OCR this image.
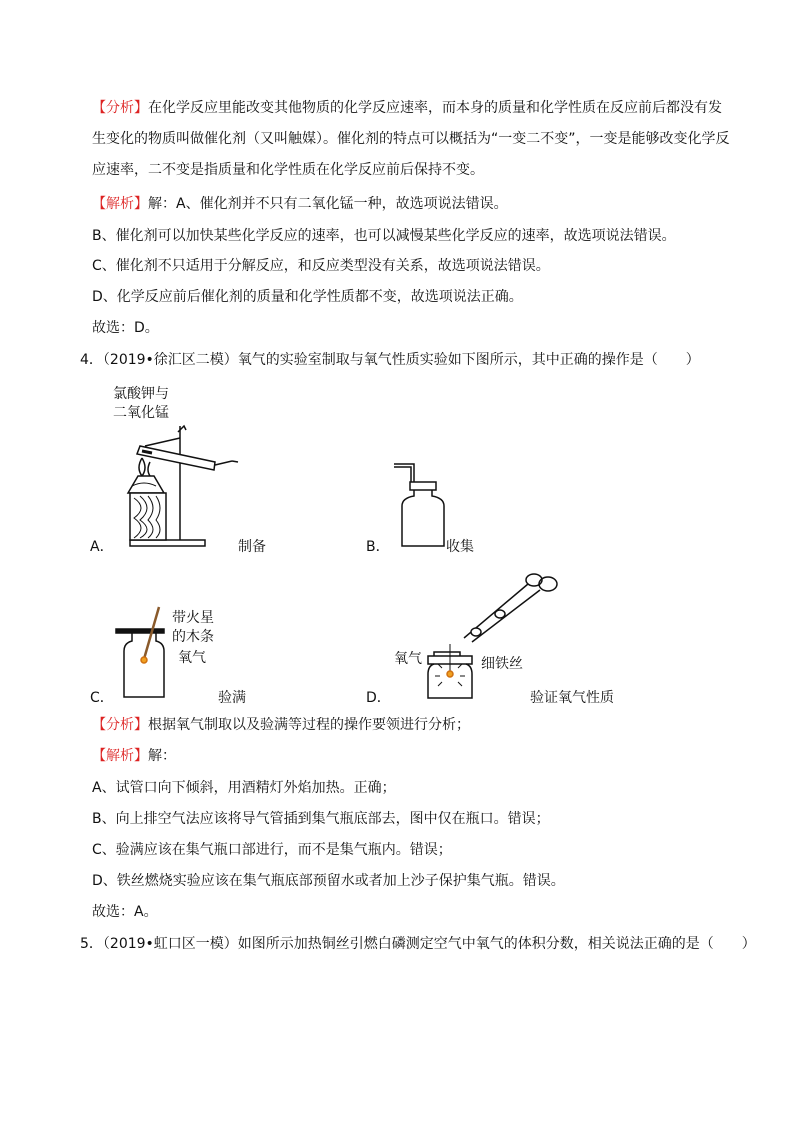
【分析】在化学反应里能改变其他物质的化学反应速率，而本身的质量和化学性质在反应前后都没有发
生变化的物质叫做催化剂（又叫触媒）。催化剂的特点可以概括为“一变二不变”，一变是能够改变化学反
应速率，二不变是指质量和化学性质在化学反应前后保持不变。
【解析】解：A、催化剂并不只有二氧化锰一种，故选项说法错误。
B、催化剂可以加快某些化学反应的速率，也可以减慢某些化学反应的速率，故选项说法错误。
C、催化剂不只适用于分解反应，和反应类型没有关系，故选项说法错误。
D、化学反应前后催化剂的质量和化学性质都不变，故选项说法正确。
故选：D。
4．（2019•徐汇区二模）氧气的实验室制取与氧气性质实验如下图所示，其中正确的操作是（　　）
氯酸钾与
二氧化锰
A．	制备	B．	收集
带火星
的木条
氧气
C．	验满
氧气	细铁丝
D．	验证氧气性质
【分析】根据氧气制取以及验满等过程的操作要领进行分析；
【解析】解：
A、试管口向下倾斜，用酒精灯外焰加热。正确；
B、向上排空气法应该将导气管插到集气瓶底部去，图中仅在瓶口。错误；
C、验满应该在集气瓶口部进行，而不是集气瓶内。错误；
D、铁丝燃烧实验应该在集气瓶底部预留水或者加上沙子保护集气瓶。错误。
故选：A。
5．（2019•虹口区一模）如图所示加热铜丝引燃白磷测定空气中氧气的体积分数，相关说法正确的是（　　）
